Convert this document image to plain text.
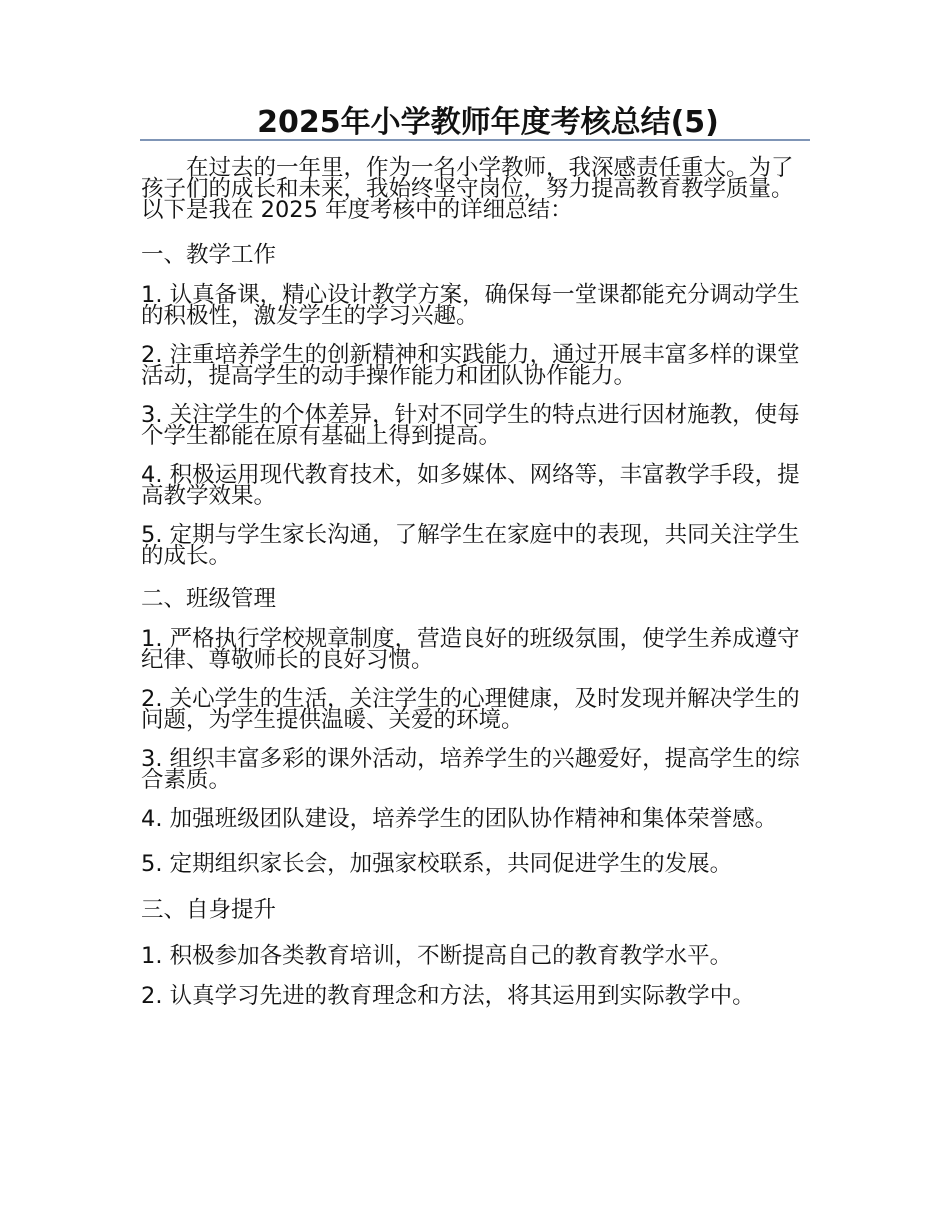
2025年小学教师年度考核总结(5)

在过去的一年里，作为一名小学教师，我深感责任重大。为了孩子们的成长和未来，我始终坚守岗位，努力提高教育教学质量。以下是我在 2025 年度考核中的详细总结：

一、教学工作

1. 认真备课，精心设计教学方案，确保每一堂课都能充分调动学生的积极性，激发学生的学习兴趣。

2. 注重培养学生的创新精神和实践能力，通过开展丰富多样的课堂活动，提高学生的动手操作能力和团队协作能力。

3. 关注学生的个体差异，针对不同学生的特点进行因材施教，使每个学生都能在原有基础上得到提高。

4. 积极运用现代教育技术，如多媒体、网络等，丰富教学手段，提高教学效果。

5. 定期与学生家长沟通，了解学生在家庭中的表现，共同关注学生的成长。

二、班级管理

1. 严格执行学校规章制度，营造良好的班级氛围，使学生养成遵守纪律、尊敬师长的良好习惯。

2. 关心学生的生活，关注学生的心理健康，及时发现并解决学生的问题，为学生提供温暖、关爱的环境。

3. 组织丰富多彩的课外活动，培养学生的兴趣爱好，提高学生的综合素质。

4. 加强班级团队建设，培养学生的团队协作精神和集体荣誉感。

5. 定期组织家长会，加强家校联系，共同促进学生的发展。

三、自身提升

1. 积极参加各类教育培训，不断提高自己的教育教学水平。

2. 认真学习先进的教育理念和方法，将其运用到实际教学中。
